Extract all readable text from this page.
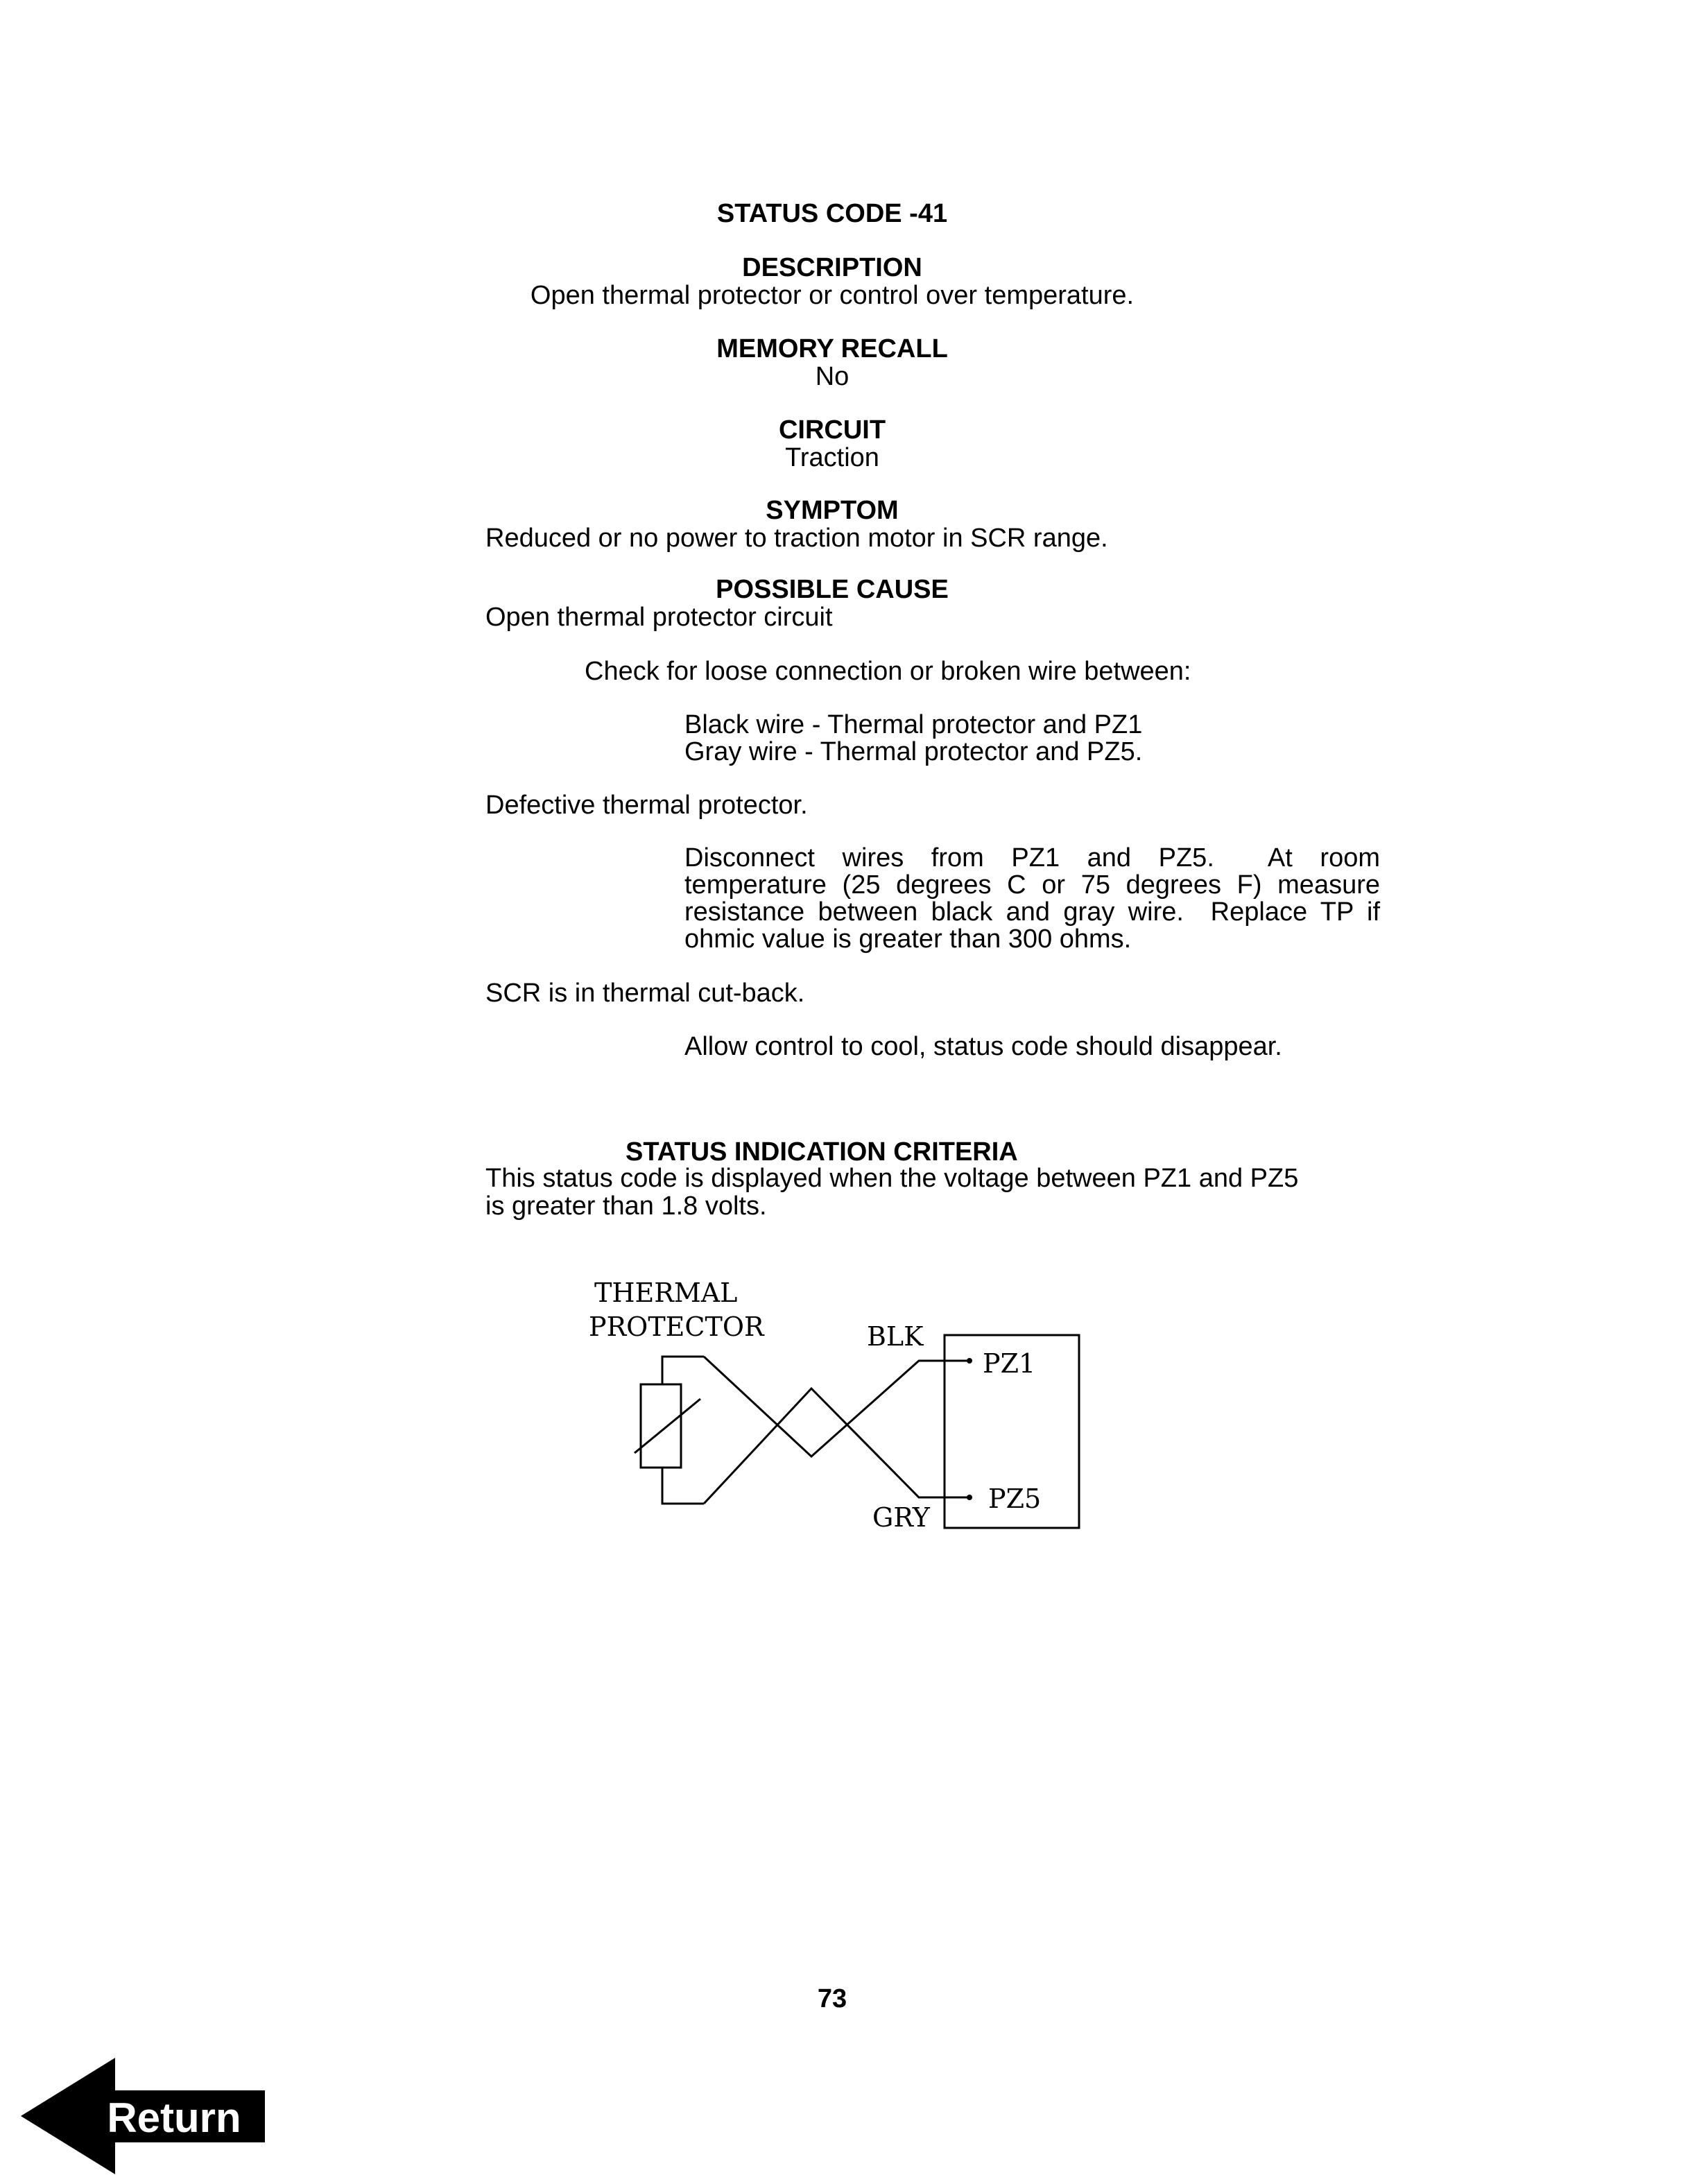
STATUS CODE -41
DESCRIPTION
Open thermal protector or control over temperature.
MEMORY RECALL
No
CIRCUIT
Traction
SYMPTOM
Reduced or no power to traction motor in SCR range.
POSSIBLE CAUSE
Open thermal protector circuit
Check for loose connection or broken wire between:
Black wire - Thermal protector and PZ1
Gray wire - Thermal protector and PZ5.
Defective thermal protector.
Disconnect wires from PZ1 and PZ5.  At room
temperature (25 degrees C or 75 degrees F) measure
resistance between black and gray wire.  Replace TP if
ohmic value is greater than 300 ohms.
SCR is in thermal cut-back.
Allow control to cool, status code should disappear.
STATUS INDICATION CRITERIA
This status code is displayed when the voltage between PZ1 and PZ5
is greater than 1.8 volts.
THERMAL
PROTECTOR	BLK
GRY
PZ1
PZ5
73
Return
